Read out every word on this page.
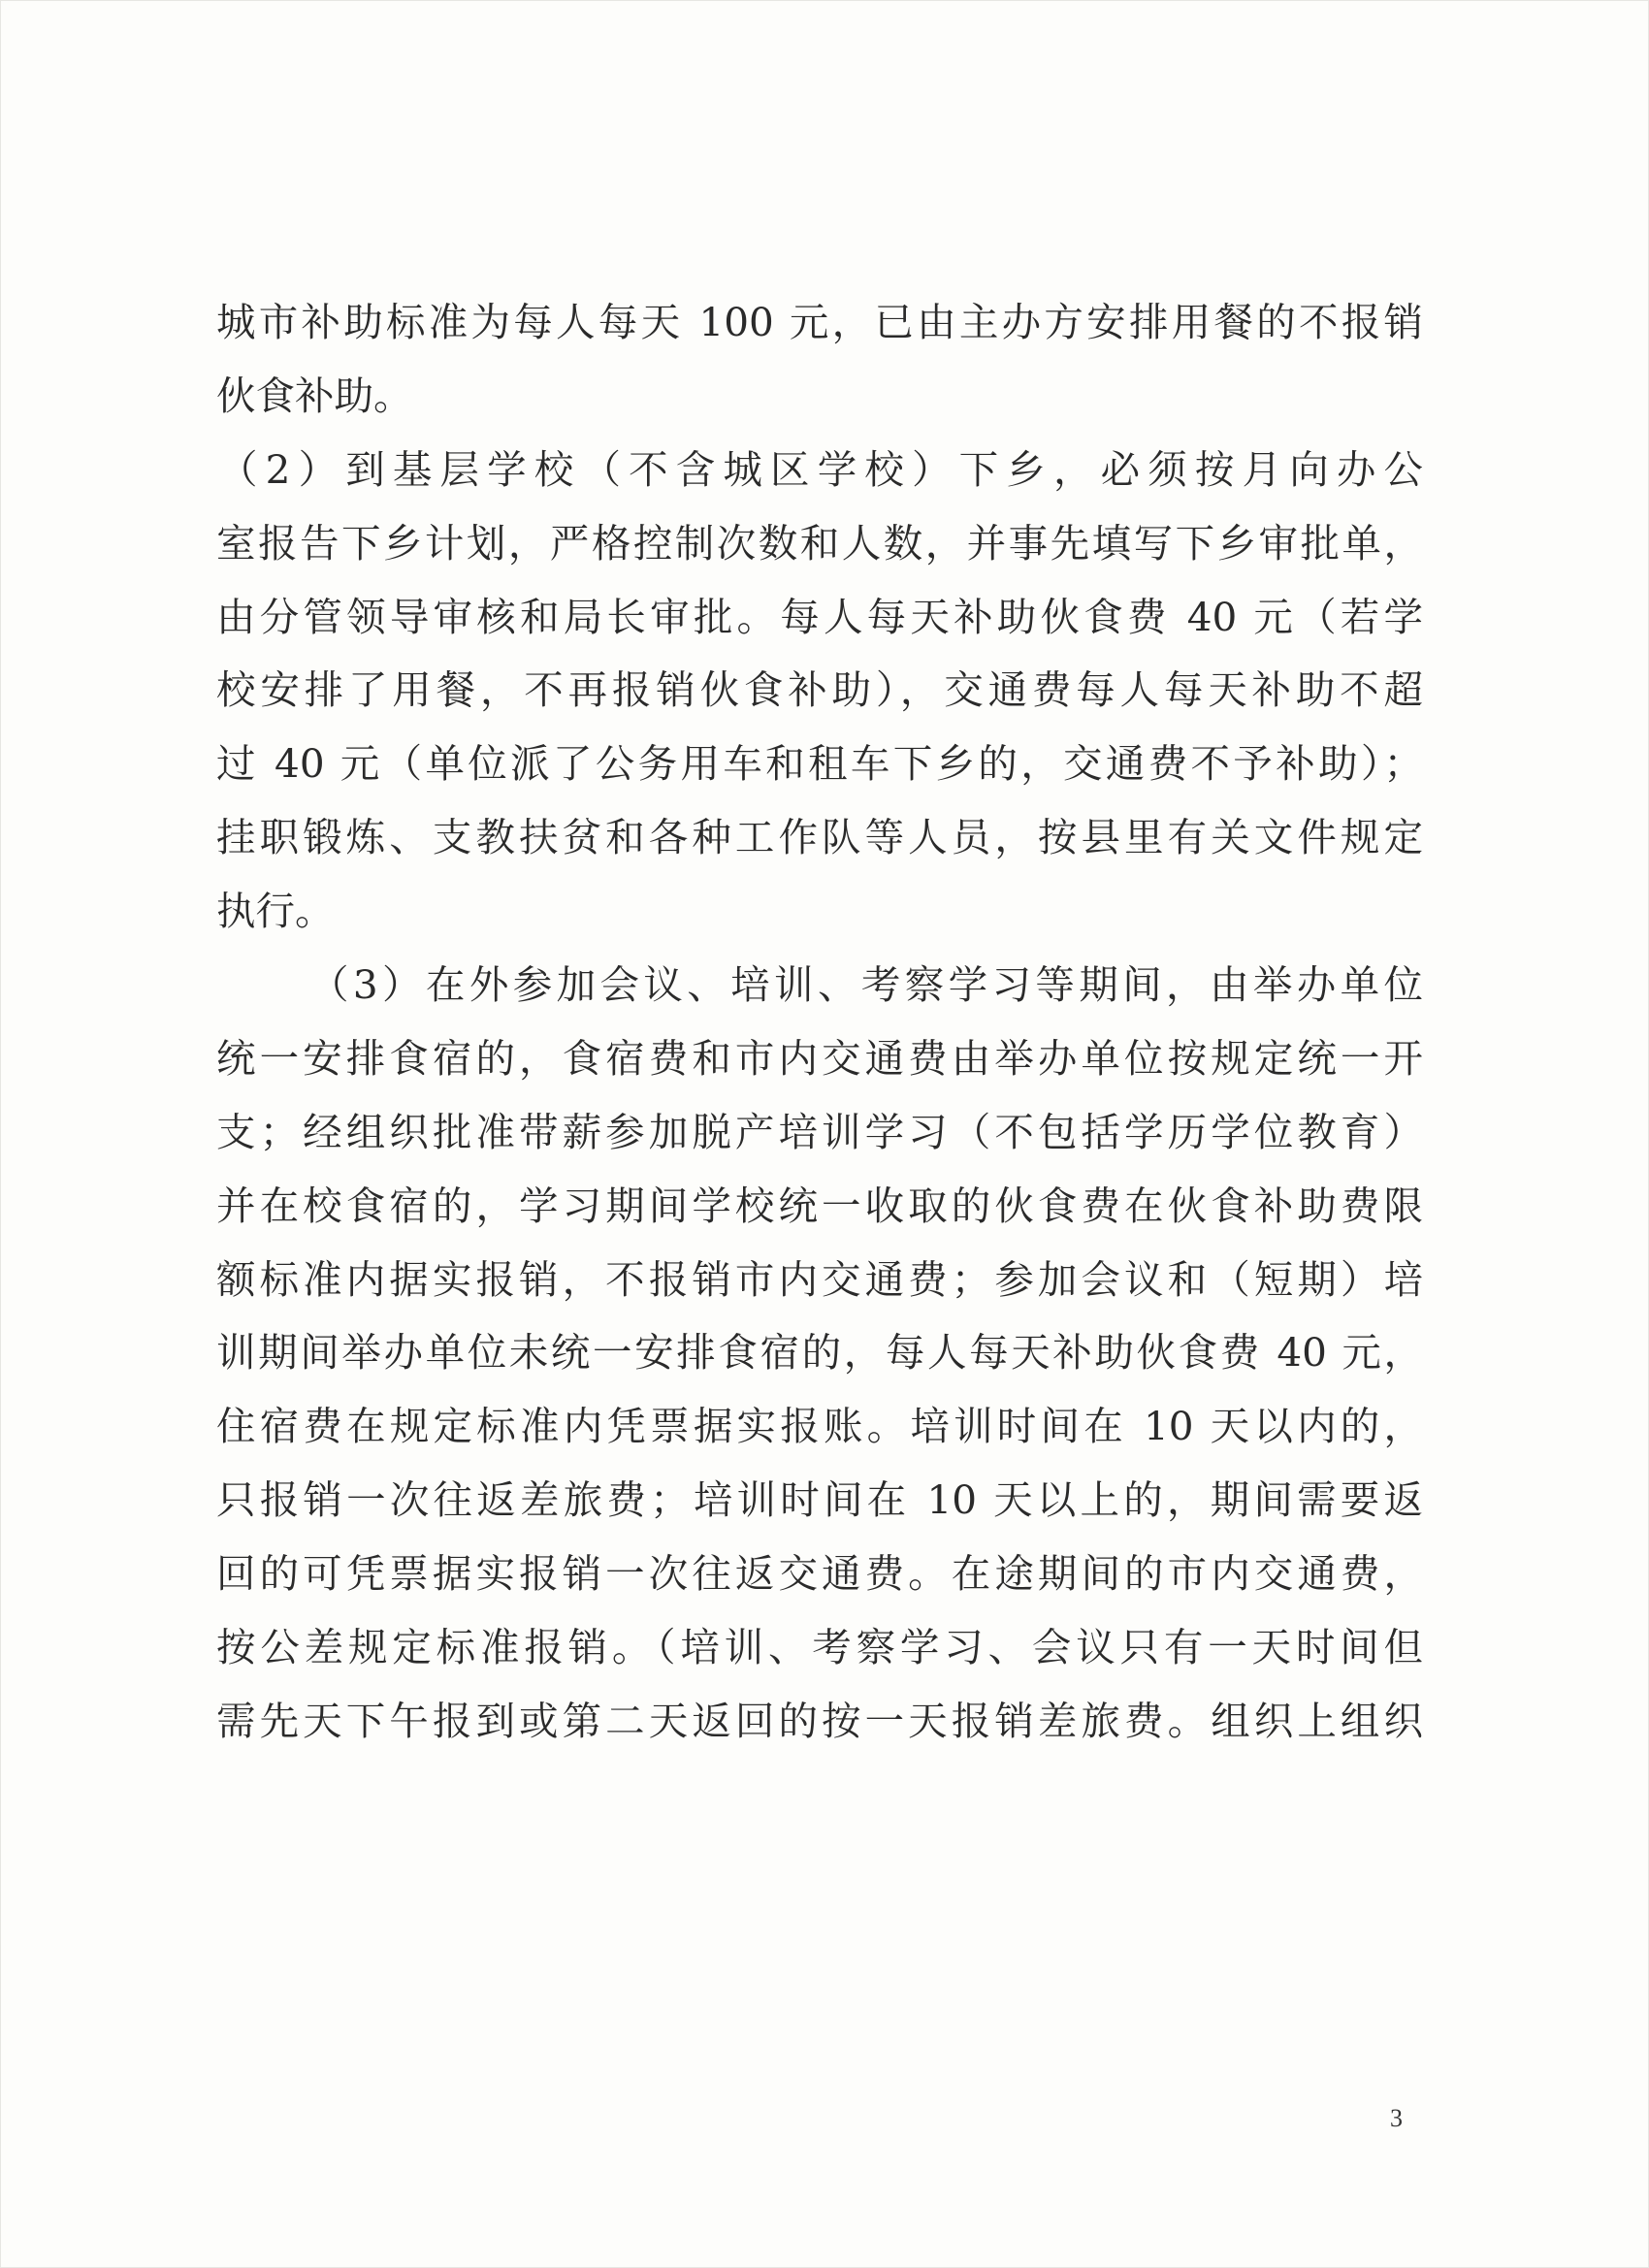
城市补助标准为每人每天 100 元，已由主办方安排用餐的不报销
伙食补助。
（2）到基层学校（不含城区学校）下乡，必须按月向办公
室报告下乡计划，严格控制次数和人数，并事先填写下乡审批单，
由分管领导审核和局长审批。每人每天补助伙食费 40 元（若学
校安排了用餐，不再报销伙食补助），交通费每人每天补助不超
过 40 元（单位派了公务用车和租车下乡的，交通费不予补助）；
挂职锻炼、支教扶贫和各种工作队等人员，按县里有关文件规定
执行。
（3）在外参加会议、培训、考察学习等期间，由举办单位
统一安排食宿的，食宿费和市内交通费由举办单位按规定统一开
支；经组织批准带薪参加脱产培训学习（不包括学历学位教育）
并在校食宿的，学习期间学校统一收取的伙食费在伙食补助费限
额标准内据实报销，不报销市内交通费；参加会议和（短期）培
训期间举办单位未统一安排食宿的，每人每天补助伙食费 40 元，
住宿费在规定标准内凭票据实报账。培训时间在 10 天以内的，
只报销一次往返差旅费；培训时间在 10 天以上的，期间需要返
回的可凭票据实报销一次往返交通费。在途期间的市内交通费，
按公差规定标准报销。（培训、考察学习、会议只有一天时间但
需先天下午报到或第二天返回的按一天报销差旅费。组织上组织
3
